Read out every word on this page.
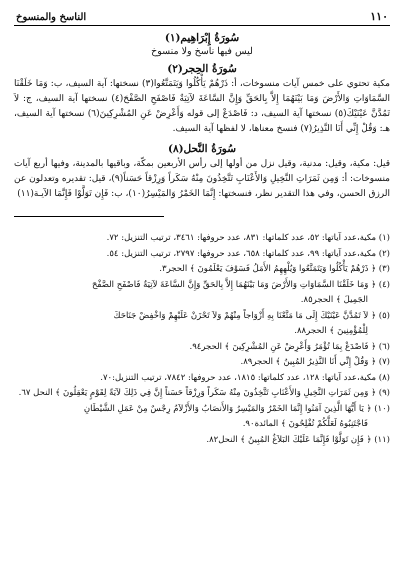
١١٠
الناسخ والمنسوخ
سُورَةُ إِبْرَاهِيم(١)
ليس فيها ناسخ ولا منسوخ
سُورَةُ الحِجر(٢)

مكية تحتوي على خمس آيات منسوخات، أ: ذَرْهُمْ يَأْكُلُوا وَيَتَمَتَّعُوا(٣) نسختها: آية السيف، ب: وَمَا خَلَقْنَا السَّمَاوَاتِ وَالأَرْضَ وَمَا بَيْنَهُمَا إِلاَّ بِالحَقِّ وَإِنَّ السَّاعَةَ لآتِيَةٌ فَاصْفَحِ الصَّفْحَ(٤) نسختها آية السيف، ج: لاَ تَمُدَّنَّ عَيْنَيْكَ(٥) نسختها آية السيف، د: فَاصْدَعْ إلى قوله وَأَعْرِضْ عَنِ المُشْرِكِينَ(٦) نسختها آية السيف، هـ: وَقُلْ إِنِّي أَنَا النَّذِيرُ(٧) فنسخ معناها، لا لفظها آية السيف.

سُورَةُ النَّحل(٨)

قيل: مكية، وقيل: مدنية، وقيل نزل من أولها إلى رأس الأربعين بمكّة، وباقيها بالمدينة، وفيها أربع آيات منسوخات: أ: وَمِن ثَمَرَاتِ النَّخِيلِ وَالأَعْنَابِ تَتَّخِذُونَ مِنْهُ سَكَراً وَرِزْقاً حَسَناً(٩)، قيل: تقديره وتعدلون عن الرزق الحسن، وفي هذا التقدير نظر، فنسختها: إِنَّمَا الخَمْرُ وَالمَيْسِرُ(١٠)، ب: فَإِن تَوَلَّوْا فَإِنَّمَا الآيـة(١١)

(١) مكية،عدد آياتها: ٥٢، عدد كلماتها: ٨٣١، عدد حروفها: ٣٤٦١، ترتيب التنزيل: ٧٢.

(٢) مكية،عدد آياتها: ٩٩، عدد كلماتها: ٦٥٨، عدد حروفها: ٢٧٩٧، ترتيب التنزيل: ٥٤.

(٣) ﴿ ذَرْهُمْ يَأْكُلُوا وَيَتَمَتَّعُوا وَيُلْهِهِمُ الأَمَلُ فَسَوْفَ يَعْلَمُونَ ﴾ الحجر٣.

(٤) ﴿ وَمَا خَلَقْنَا السَّمَاوَاتِ وَالأَرْضَ وَمَا بَيْنَهُمَا إِلاَّ بِالحَقِّ وَإِنَّ السَّاعَةَ لآتِيَةٌ فَاصْفَحِ الصَّفْحَ

الجَمِيلَ ﴾ الحجر٨٥.

(٥) ﴿ لاَ تَمُدَّنَّ عَيْنَيْكَ إِلَى مَا مَتَّعْنَا بِهِ أَزْوَاجاً مِنْهُمْ وَلاَ تَحْزَنْ عَلَيْهِمْ وَاخْفِضْ جَنَاحَكَ

لِلْمُؤْمِنِينَ ﴾ الحجر٨٨.

(٦) ﴿ فَاصْدَعْ بِمَا تُؤْمَرُ وَأَعْرِضْ عَنِ المُشْرِكِينَ ﴾ الحجر٩٤.

(٧) ﴿ وَقُلْ إِنِّي أَنَا النَّذِيرُ المُبِينُ ﴾ الحجر٨٩.

(٨) مكية،عدد آياتها: ١٢٨، عدد كلماتها: ١٨١٥، عدد حروفها: ٧٨٤٢، ترتيب التنزيل:٧٠.

(٩) ﴿ وَمِن ثَمَرَاتِ النَّخِيلِ وَالأَعْنَابِ تَتَّخِذُونَ مِنْهُ سَكَراً وَرِزْقاً حَسَناً إِنَّ فِي ذَلِكَ لآيَةً لِقَوْمٍ يَعْقِلُونَ ﴾ النحل ٦٧.

(١٠) ﴿ يَا أَيُّهَا الَّذِينَ آمَنُوا إِنَّمَا الخَمْرُ وَالمَيْسِرُ وَالأَنصَابُ وَالأَزْلاَمُ رِجْسٌ مِنْ عَمَلِ الشَّيْطَانِ

فَاجْتَنِبُوهُ لَعَلَّكُمْ تُفْلِحُونَ ﴾ المائدة٩٠.

(١١) ﴿ فَإِن تَوَلَّوْا فَإِنَّمَا عَلَيْكَ البَلاَغُ المُبِينُ ﴾ النحل٨٢.
